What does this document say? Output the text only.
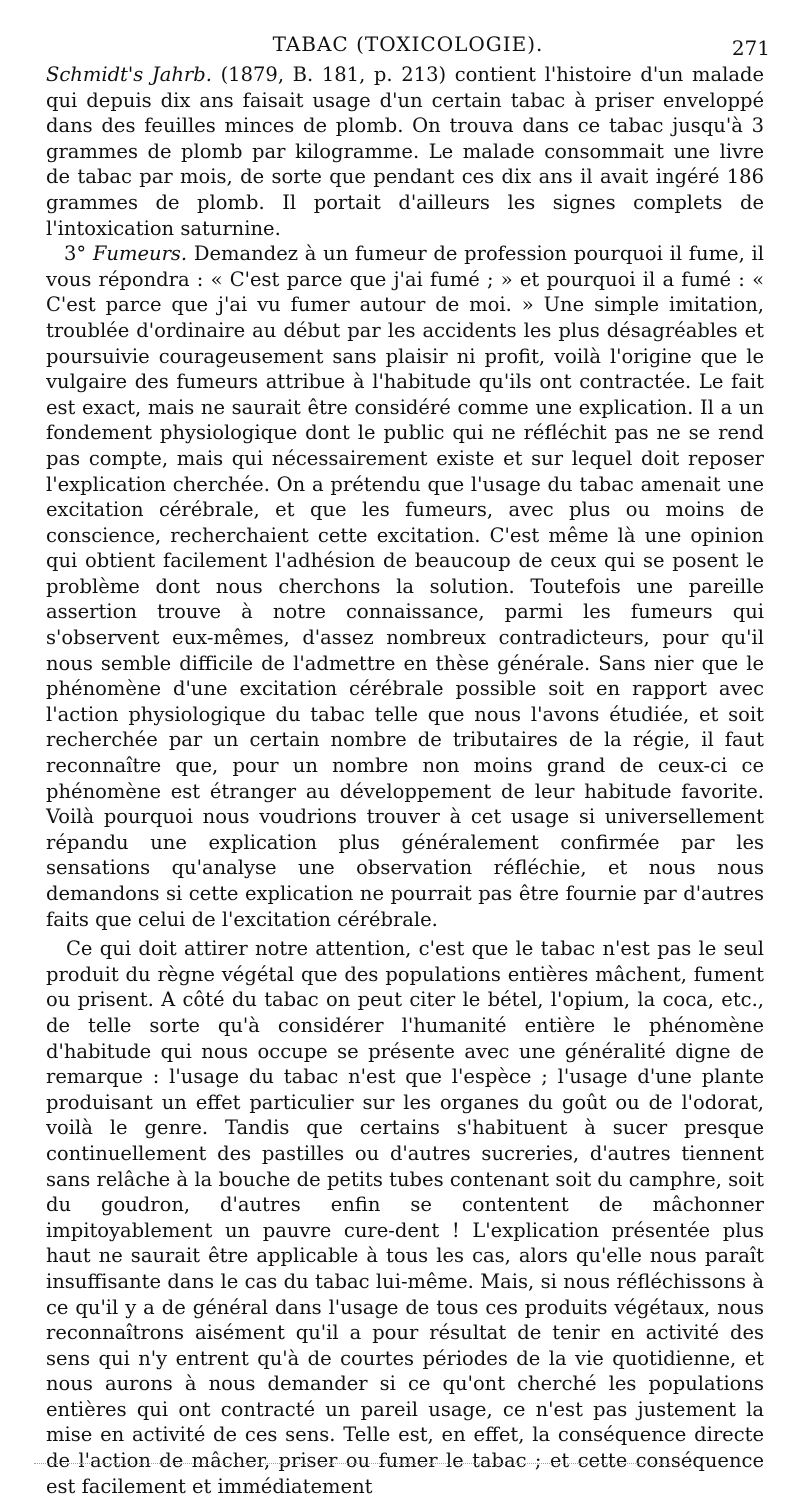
TABAC (TOXICOLOGIE).	271

Schmidt's Jahrb. (1879, B. 181, p. 213) contient l'histoire d'un malade qui depuis dix ans faisait usage d'un certain tabac à priser enveloppé dans des feuilles minces de plomb. On trouva dans ce tabac jusqu'à 3 grammes de plomb par kilogramme. Le malade consommait une livre de tabac par mois, de sorte que pendant ces dix ans il avait ingéré 186 grammes de plomb. Il portait d'ailleurs les signes complets de l'intoxication saturnine.

3° Fumeurs. Demandez à un fumeur de profession pourquoi il fume, il vous répondra : « C'est parce que j'ai fumé ; » et pourquoi il a fumé : « C'est parce que j'ai vu fumer autour de moi. » Une simple imitation, troublée d'ordinaire au début par les accidents les plus désagréables et poursuivie courageusement sans plaisir ni profit, voilà l'origine que le vulgaire des fumeurs attribue à l'habitude qu'ils ont contractée. Le fait est exact, mais ne saurait être considéré comme une explication. Il a un fondement physiologique dont le public qui ne réfléchit pas ne se rend pas compte, mais qui nécessairement existe et sur lequel doit reposer l'explication cherchée. On a prétendu que l'usage du tabac amenait une excitation cérébrale, et que les fumeurs, avec plus ou moins de conscience, recherchaient cette excitation. C'est même là une opinion qui obtient facilement l'adhésion de beaucoup de ceux qui se posent le problème dont nous cherchons la solution. Toutefois une pareille assertion trouve à notre connaissance, parmi les fumeurs qui s'observent eux-mêmes, d'assez nombreux contradicteurs, pour qu'il nous semble difficile de l'admettre en thèse générale. Sans nier que le phénomène d'une excitation cérébrale possible soit en rapport avec l'action physiologique du tabac telle que nous l'avons étudiée, et soit recherchée par un certain nombre de tributaires de la régie, il faut reconnaître que, pour un nombre non moins grand de ceux-ci ce phénomène est étranger au développement de leur habitude favorite. Voilà pourquoi nous voudrions trouver à cet usage si universellement répandu une explication plus généralement confirmée par les sensations qu'analyse une observation réfléchie, et nous nous demandons si cette explication ne pourrait pas être fournie par d'autres faits que celui de l'excitation cérébrale.

Ce qui doit attirer notre attention, c'est que le tabac n'est pas le seul produit du règne végétal que des populations entières mâchent, fument ou prisent. A côté du tabac on peut citer le bétel, l'opium, la coca, etc., de telle sorte qu'à considérer l'humanité entière le phénomène d'habitude qui nous occupe se présente avec une généralité digne de remarque : l'usage du tabac n'est que l'espèce ; l'usage d'une plante produisant un effet particulier sur les organes du goût ou de l'odorat, voilà le genre. Tandis que certains s'habituent à sucer presque continuellement des pastilles ou d'autres sucreries, d'autres tiennent sans relâche à la bouche de petits tubes contenant soit du camphre, soit du goudron, d'autres enfin se contentent de mâchonner impitoyablement un pauvre cure-dent ! L'explication présentée plus haut ne saurait être applicable à tous les cas, alors qu'elle nous paraît insuffisante dans le cas du tabac lui-même. Mais, si nous réfléchissons à ce qu'il y a de général dans l'usage de tous ces produits végétaux, nous reconnaîtrons aisément qu'il a pour résultat de tenir en activité des sens qui n'y entrent qu'à de courtes périodes de la vie quotidienne, et nous aurons à nous demander si ce qu'ont cherché les populations entières qui ont contracté un pareil usage, ce n'est pas justement la mise en activité de ces sens. Telle est, en effet, la conséquence directe de l'action de mâcher, priser ou fumer le tabac ; et cette conséquence est facilement et immédiatement
